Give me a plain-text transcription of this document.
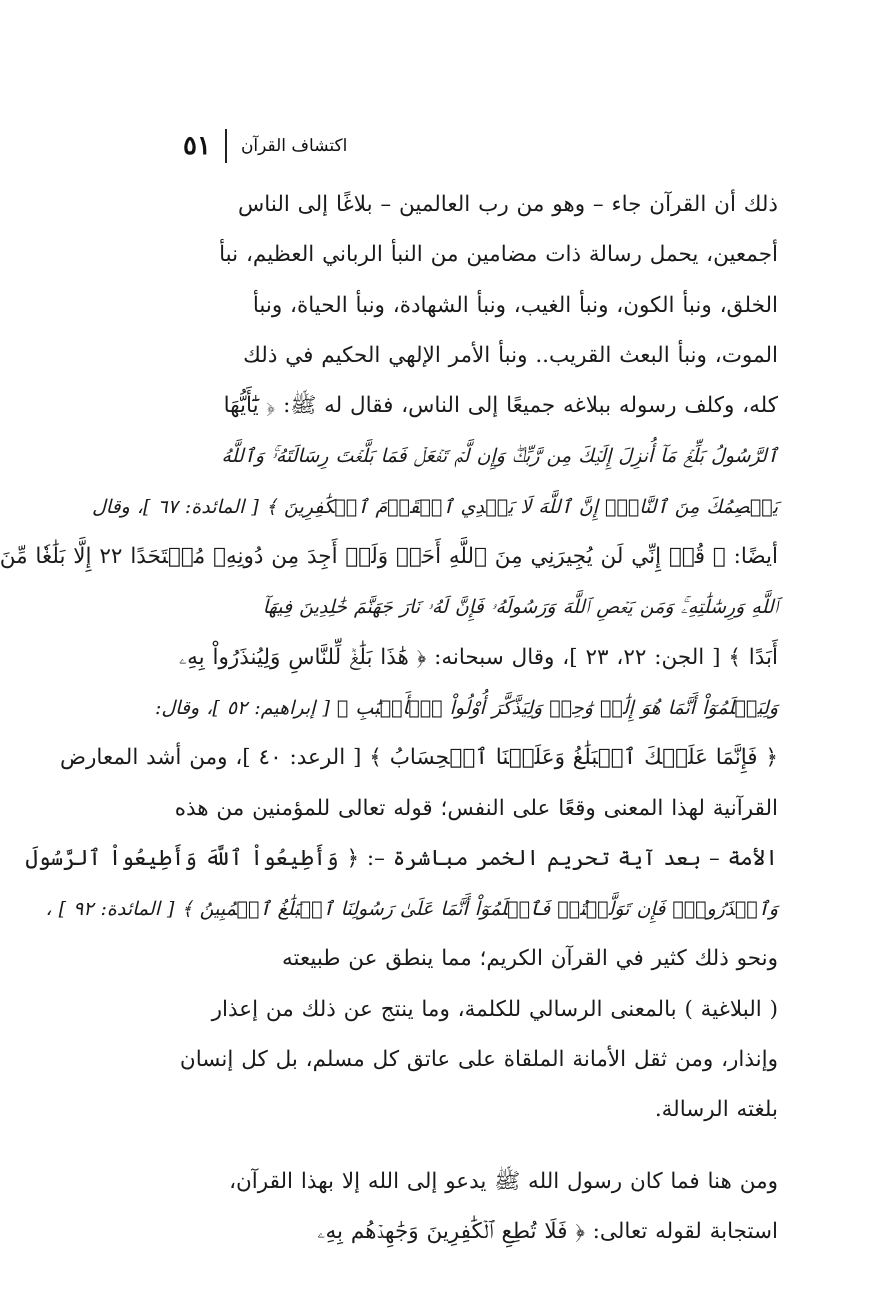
٥١ اكتشاف القرآن

ذلك أن القرآن جاء – وهو من رب العالمين – بلاغًا إلى الناس
أجمعين، يحمل رسالة ذات مضامين من النبأ الرباني العظيم، نبأ
الخلق، ونبأ الكون، ونبأ الغيب، ونبأ الشهادة، ونبأ الحياة، ونبأ
الموت، ونبأ البعث القريب.. ونبأ الأمر الإلهي الحكيم في ذلك
كله، وكلف رسوله ببلاغه جميعًا إلى الناس، فقال له ﷺ: ﴿ يَٰٓأَيُّهَا
ٱلرَّسُولُ بَلِّغۡ مَآ أُنزِلَ إِلَيۡكَ مِن رَّبِّكَۖ وَإِن لَّمۡ تَفۡعَلۡ فَمَا بَلَّغۡتَ رِسَالَتَهُۥۚ وَٱللَّهُ
يَعۡصِمُكَ مِنَ ٱلنَّاسِۗ إِنَّ ٱللَّهَ لَا يَهۡدِي ٱلۡقَوۡمَ ٱلۡكَٰفِرِينَ ﴾ [ المائدة: ٦٧ ]، وقال
أيضًا: ﴿ قُلۡ إِنِّي لَن يُجِيرَنِي مِنَ ٱللَّهِ أَحَدٞ وَلَنۡ أَجِدَ مِن دُونِهِۦ مُلۡتَحَدًا ٢٢ إِلَّا بَلَٰغٗا مِّنَ
ٱللَّهِ وَرِسَٰلَٰتِهِۦۚ وَمَن يَعۡصِ ٱللَّهَ وَرَسُولَهُۥ فَإِنَّ لَهُۥ نَارَ جَهَنَّمَ خَٰلِدِينَ فِيهَآ
أَبَدًا ﴾ [ الجن: ٢٢، ٢٣ ]، وقال سبحانه: ﴿ هَٰذَا بَلَٰغٞ لِّلنَّاسِ وَلِيُنذَرُواْ بِهِۦ
وَلِيَعۡلَمُوٓاْ أَنَّمَا هُوَ إِلَٰهٞ وَٰحِدٞ وَلِيَذَّكَّرَ أُوْلُواْ ٱلۡأَلۡبَٰبِ ﴾ [ إبراهيم: ٥٢ ]، وقال:
﴿ فَإِنَّمَا عَلَيۡكَ ٱلۡبَلَٰغُ وَعَلَيۡنَا ٱلۡحِسَابُ ﴾ [ الرعد: ٤٠ ]، ومن أشد المعارض
القرآنية لهذا المعنى وقعًا على النفس؛ قوله تعالى للمؤمنين من هذه
الأمة – بعد آية تحريم الخمر مباشرة –: ﴿ وَأَطِيعُواْ ٱللَّهَ وَأَطِيعُواْ ٱلرَّسُولَ
وَٱحۡذَرُواْۚ فَإِن تَوَلَّيۡتُمۡ فَٱعۡلَمُوٓاْ أَنَّمَا عَلَىٰ رَسُولِنَا ٱلۡبَلَٰغُ ٱلۡمُبِينُ ﴾ [ المائدة: ٩٢ ] ،
ونحو ذلك كثير في القرآن الكريم؛ مما ينطق عن طبيعته
( البلاغية ) بالمعنى الرسالي للكلمة، وما ينتج عن ذلك من إعذار
وإنذار، ومن ثقل الأمانة الملقاة على عاتق كل مسلم، بل كل إنسان
بلغته الرسالة.

ومن هنا فما كان رسول الله ﷺ يدعو إلى الله إلا بهذا القرآن،
استجابة لقوله تعالى: ﴿ فَلَا تُطِعِ ٱلۡكَٰفِرِينَ وَجَٰهِدۡهُم بِهِۦ
